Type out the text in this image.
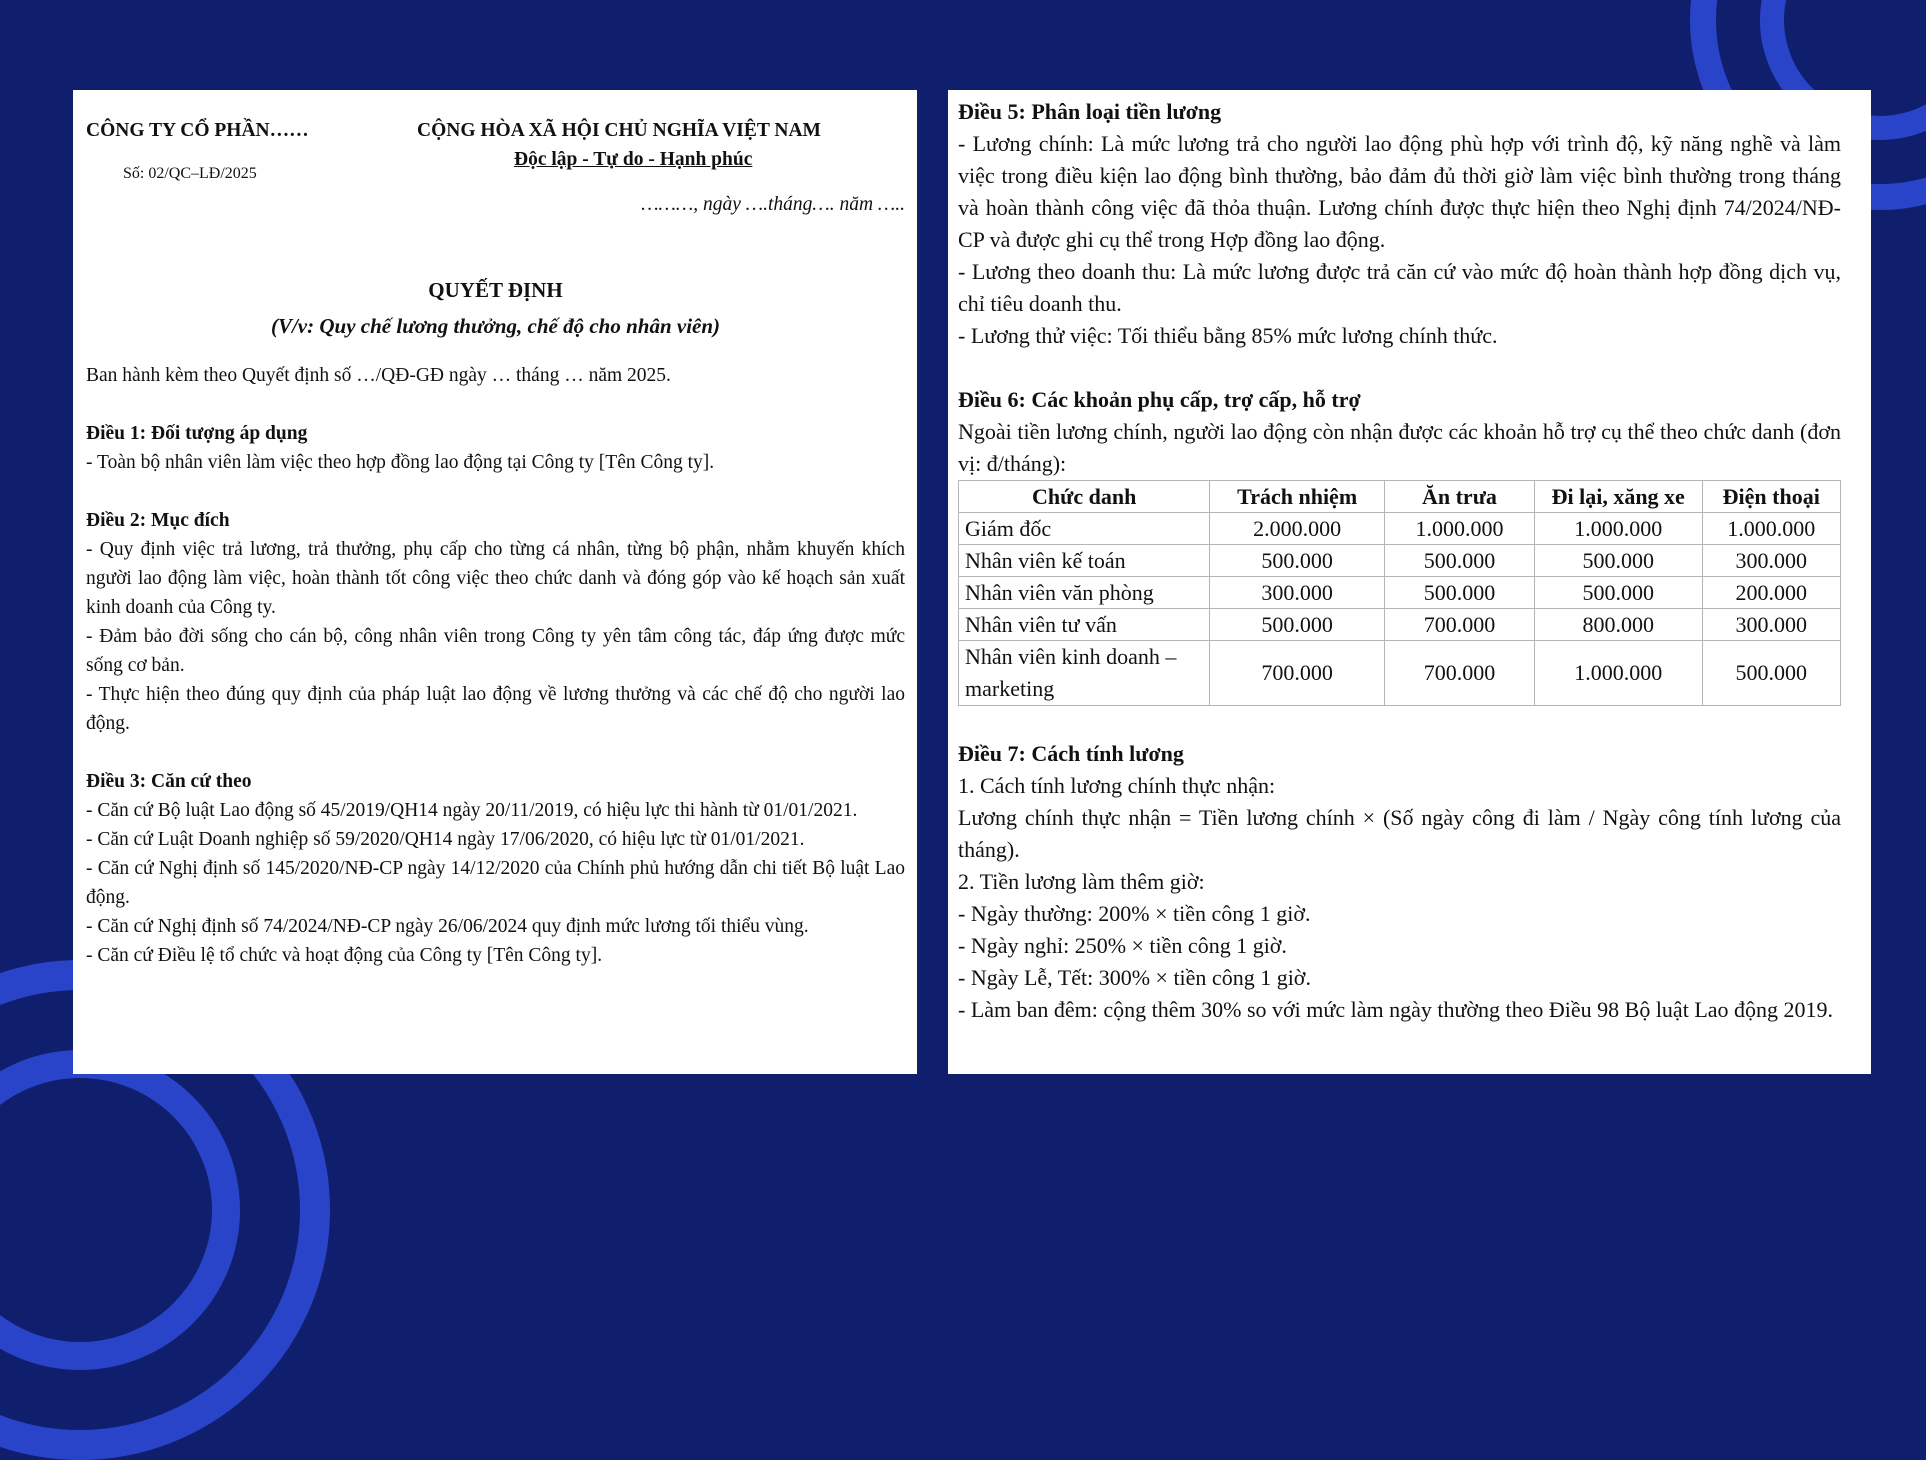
CÔNG TY CỔ PHẦN……
Số: 02/QC–LĐ/2025
CỘNG HÒA XÃ HỘI CHỦ NGHĨA VIỆT NAM
Độc lập - Tự do - Hạnh phúc
………, ngày ….tháng…. năm …..
QUYẾT ĐỊNH
(V/v: Quy chế lương thưởng, chế độ cho nhân viên)

Ban hành kèm theo Quyết định số …/QĐ-GĐ ngày … tháng … năm 2025.

Điều 1: Đối tượng áp dụng

- Toàn bộ nhân viên làm việc theo hợp đồng lao động tại Công ty [Tên Công ty].

Điều 2: Mục đích

- Quy định việc trả lương, trả thưởng, phụ cấp cho từng cá nhân, từng bộ phận, nhằm khuyến khích người lao động làm việc, hoàn thành tốt công việc theo chức danh và đóng góp vào kế hoạch sản xuất kinh doanh của Công ty.

- Đảm bảo đời sống cho cán bộ, công nhân viên trong Công ty yên tâm công tác, đáp ứng được mức sống cơ bản.

- Thực hiện theo đúng quy định của pháp luật lao động về lương thưởng và các chế độ cho người lao động.

Điều 3: Căn cứ theo

- Căn cứ Bộ luật Lao động số 45/2019/QH14 ngày 20/11/2019, có hiệu lực thi hành từ 01/01/2021.

- Căn cứ Luật Doanh nghiệp số 59/2020/QH14 ngày 17/06/2020, có hiệu lực từ 01/01/2021.

- Căn cứ Nghị định số 145/2020/NĐ-CP ngày 14/12/2020 của Chính phủ hướng dẫn chi tiết Bộ luật Lao động.

- Căn cứ Nghị định số 74/2024/NĐ-CP ngày 26/06/2024 quy định mức lương tối thiểu vùng.

- Căn cứ Điều lệ tổ chức và hoạt động của Công ty [Tên Công ty].

Điều 5: Phân loại tiền lương

- Lương chính: Là mức lương trả cho người lao động phù hợp với trình độ, kỹ năng nghề và làm việc trong điều kiện lao động bình thường, bảo đảm đủ thời giờ làm việc bình thường trong tháng và hoàn thành công việc đã thỏa thuận. Lương chính được thực hiện theo Nghị định 74/2024/NĐ-CP và được ghi cụ thể trong Hợp đồng lao động.

- Lương theo doanh thu: Là mức lương được trả căn cứ vào mức độ hoàn thành hợp đồng dịch vụ, chỉ tiêu doanh thu.

- Lương thử việc: Tối thiểu bằng 85% mức lương chính thức.

Điều 6: Các khoản phụ cấp, trợ cấp, hỗ trợ

Ngoài tiền lương chính, người lao động còn nhận được các khoản hỗ trợ cụ thể theo chức danh (đơn vị: đ/tháng):

Chức danh	Trách nhiệm	Ăn trưa	Đi lại, xăng xe	Điện thoại
Giám đốc	2.000.000	1.000.000	1.000.000	1.000.000
Nhân viên kế toán	500.000	500.000	500.000	300.000
Nhân viên văn phòng	300.000	500.000	500.000	200.000
Nhân viên tư vấn	500.000	700.000	800.000	300.000
Nhân viên kinh doanh – marketing	700.000	700.000	1.000.000	500.000

Điều 7: Cách tính lương

1. Cách tính lương chính thực nhận:

Lương chính thực nhận = Tiền lương chính × (Số ngày công đi làm / Ngày công tính lương của tháng).

2. Tiền lương làm thêm giờ:

- Ngày thường: 200% × tiền công 1 giờ.

- Ngày nghỉ: 250% × tiền công 1 giờ.

- Ngày Lễ, Tết: 300% × tiền công 1 giờ.

- Làm ban đêm: cộng thêm 30% so với mức làm ngày thường theo Điều 98 Bộ luật Lao động 2019.
